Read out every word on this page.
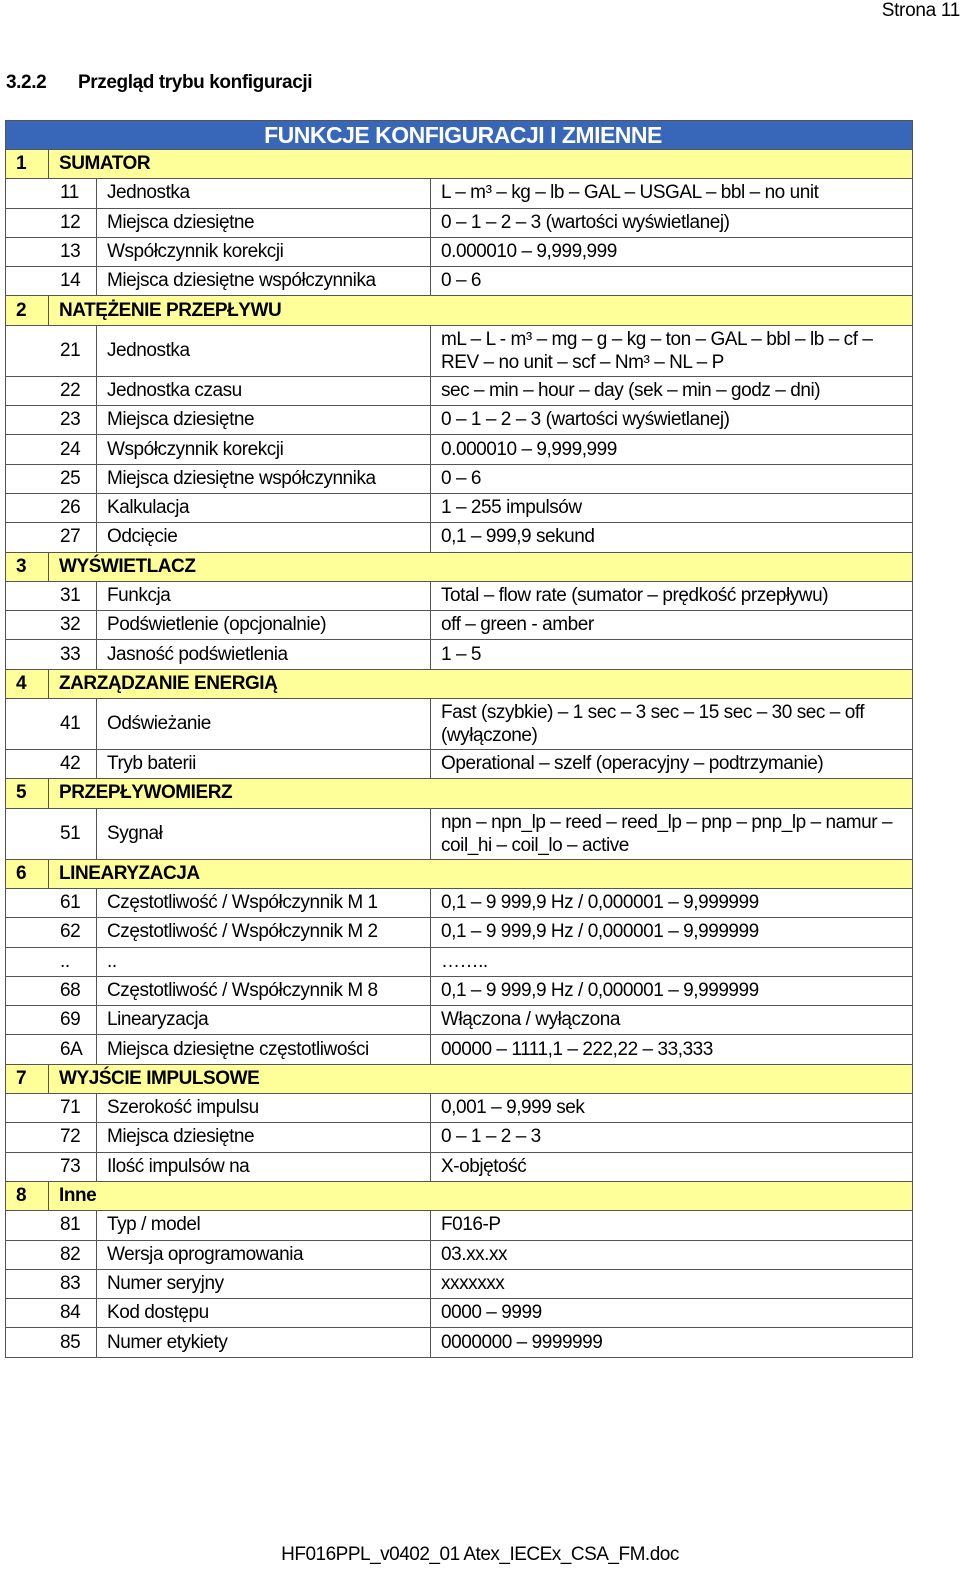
Strona 11
3.2.2 Przegląd trybu konfiguracji
FUNKCJE KONFIGURACJI I ZMIENNE			
1	SUMATOR		
11		Jednostka	L – m³ – kg – lb – GAL – USGAL – bbl – no unit
12		Miejsca dziesiętne	0 – 1 – 2 – 3 (wartości wyświetlanej)
13		Współczynnik korekcji	0.000010 – 9,999,999
14		Miejsca dziesiętne współczynnika	0 – 6
2	NATĘŻENIE PRZEPŁYWU		
21		Jednostka	mL – L - m³ – mg – g – kg – ton – GAL – bbl – lb – cf – REV – no unit – scf – Nm³ – NL – P
22		Jednostka czasu	sec – min – hour – day (sek – min – godz – dni)
23		Miejsca dziesiętne	0 – 1 – 2 – 3 (wartości wyświetlanej)
24		Współczynnik korekcji	0.000010 – 9,999,999
25		Miejsca dziesiętne współczynnika	0 – 6
26		Kalkulacja	1 – 255 impulsów
27		Odcięcie	0,1 – 999,9 sekund
3	WYŚWIETLACZ		
31		Funkcja	Total – flow rate (sumator – prędkość przepływu)
32		Podświetlenie (opcjonalnie)	off – green - amber
33		Jasność podświetlenia	1 – 5
4	ZARZĄDZANIE ENERGIĄ		
41		Odświeżanie	Fast (szybkie) – 1 sec – 3 sec – 15 sec – 30 sec – off (wyłączone)
42		Tryb baterii	Operational – szelf (operacyjny – podtrzymanie)
5	PRZEPŁYWOMIERZ		
51		Sygnał	npn – npn_lp – reed – reed_lp – pnp – pnp_lp – namur – coil_hi – coil_lo – active
6	LINEARYZACJA		
61		Częstotliwość / Współczynnik M 1	0,1 – 9 999,9 Hz / 0,000001 – 9,999999
62		Częstotliwość / Współczynnik M 2	0,1 – 9 999,9 Hz / 0,000001 – 9,999999
..		..	……..
68		Częstotliwość / Współczynnik M 8	0,1 – 9 999,9 Hz / 0,000001 – 9,999999
69		Linearyzacja	Włączona / wyłączona
6A		Miejsca dziesiętne częstotliwości	00000 – 1111,1 – 222,22 – 33,333
7	WYJŚCIE IMPULSOWE		
71		Szerokość impulsu	0,001 – 9,999 sek
72		Miejsca dziesiętne	0 – 1 – 2 – 3
73		Ilość impulsów na	X-objętość
8	Inne		
81		Typ / model	F016-P
82		Wersja oprogramowania	03.xx.xx
83		Numer seryjny	xxxxxxx
84		Kod dostępu	0000 – 9999
85		Numer etykiety	0000000 – 9999999
HF016PPL_v0402_01 Atex_IECEx_CSA_FM.doc
